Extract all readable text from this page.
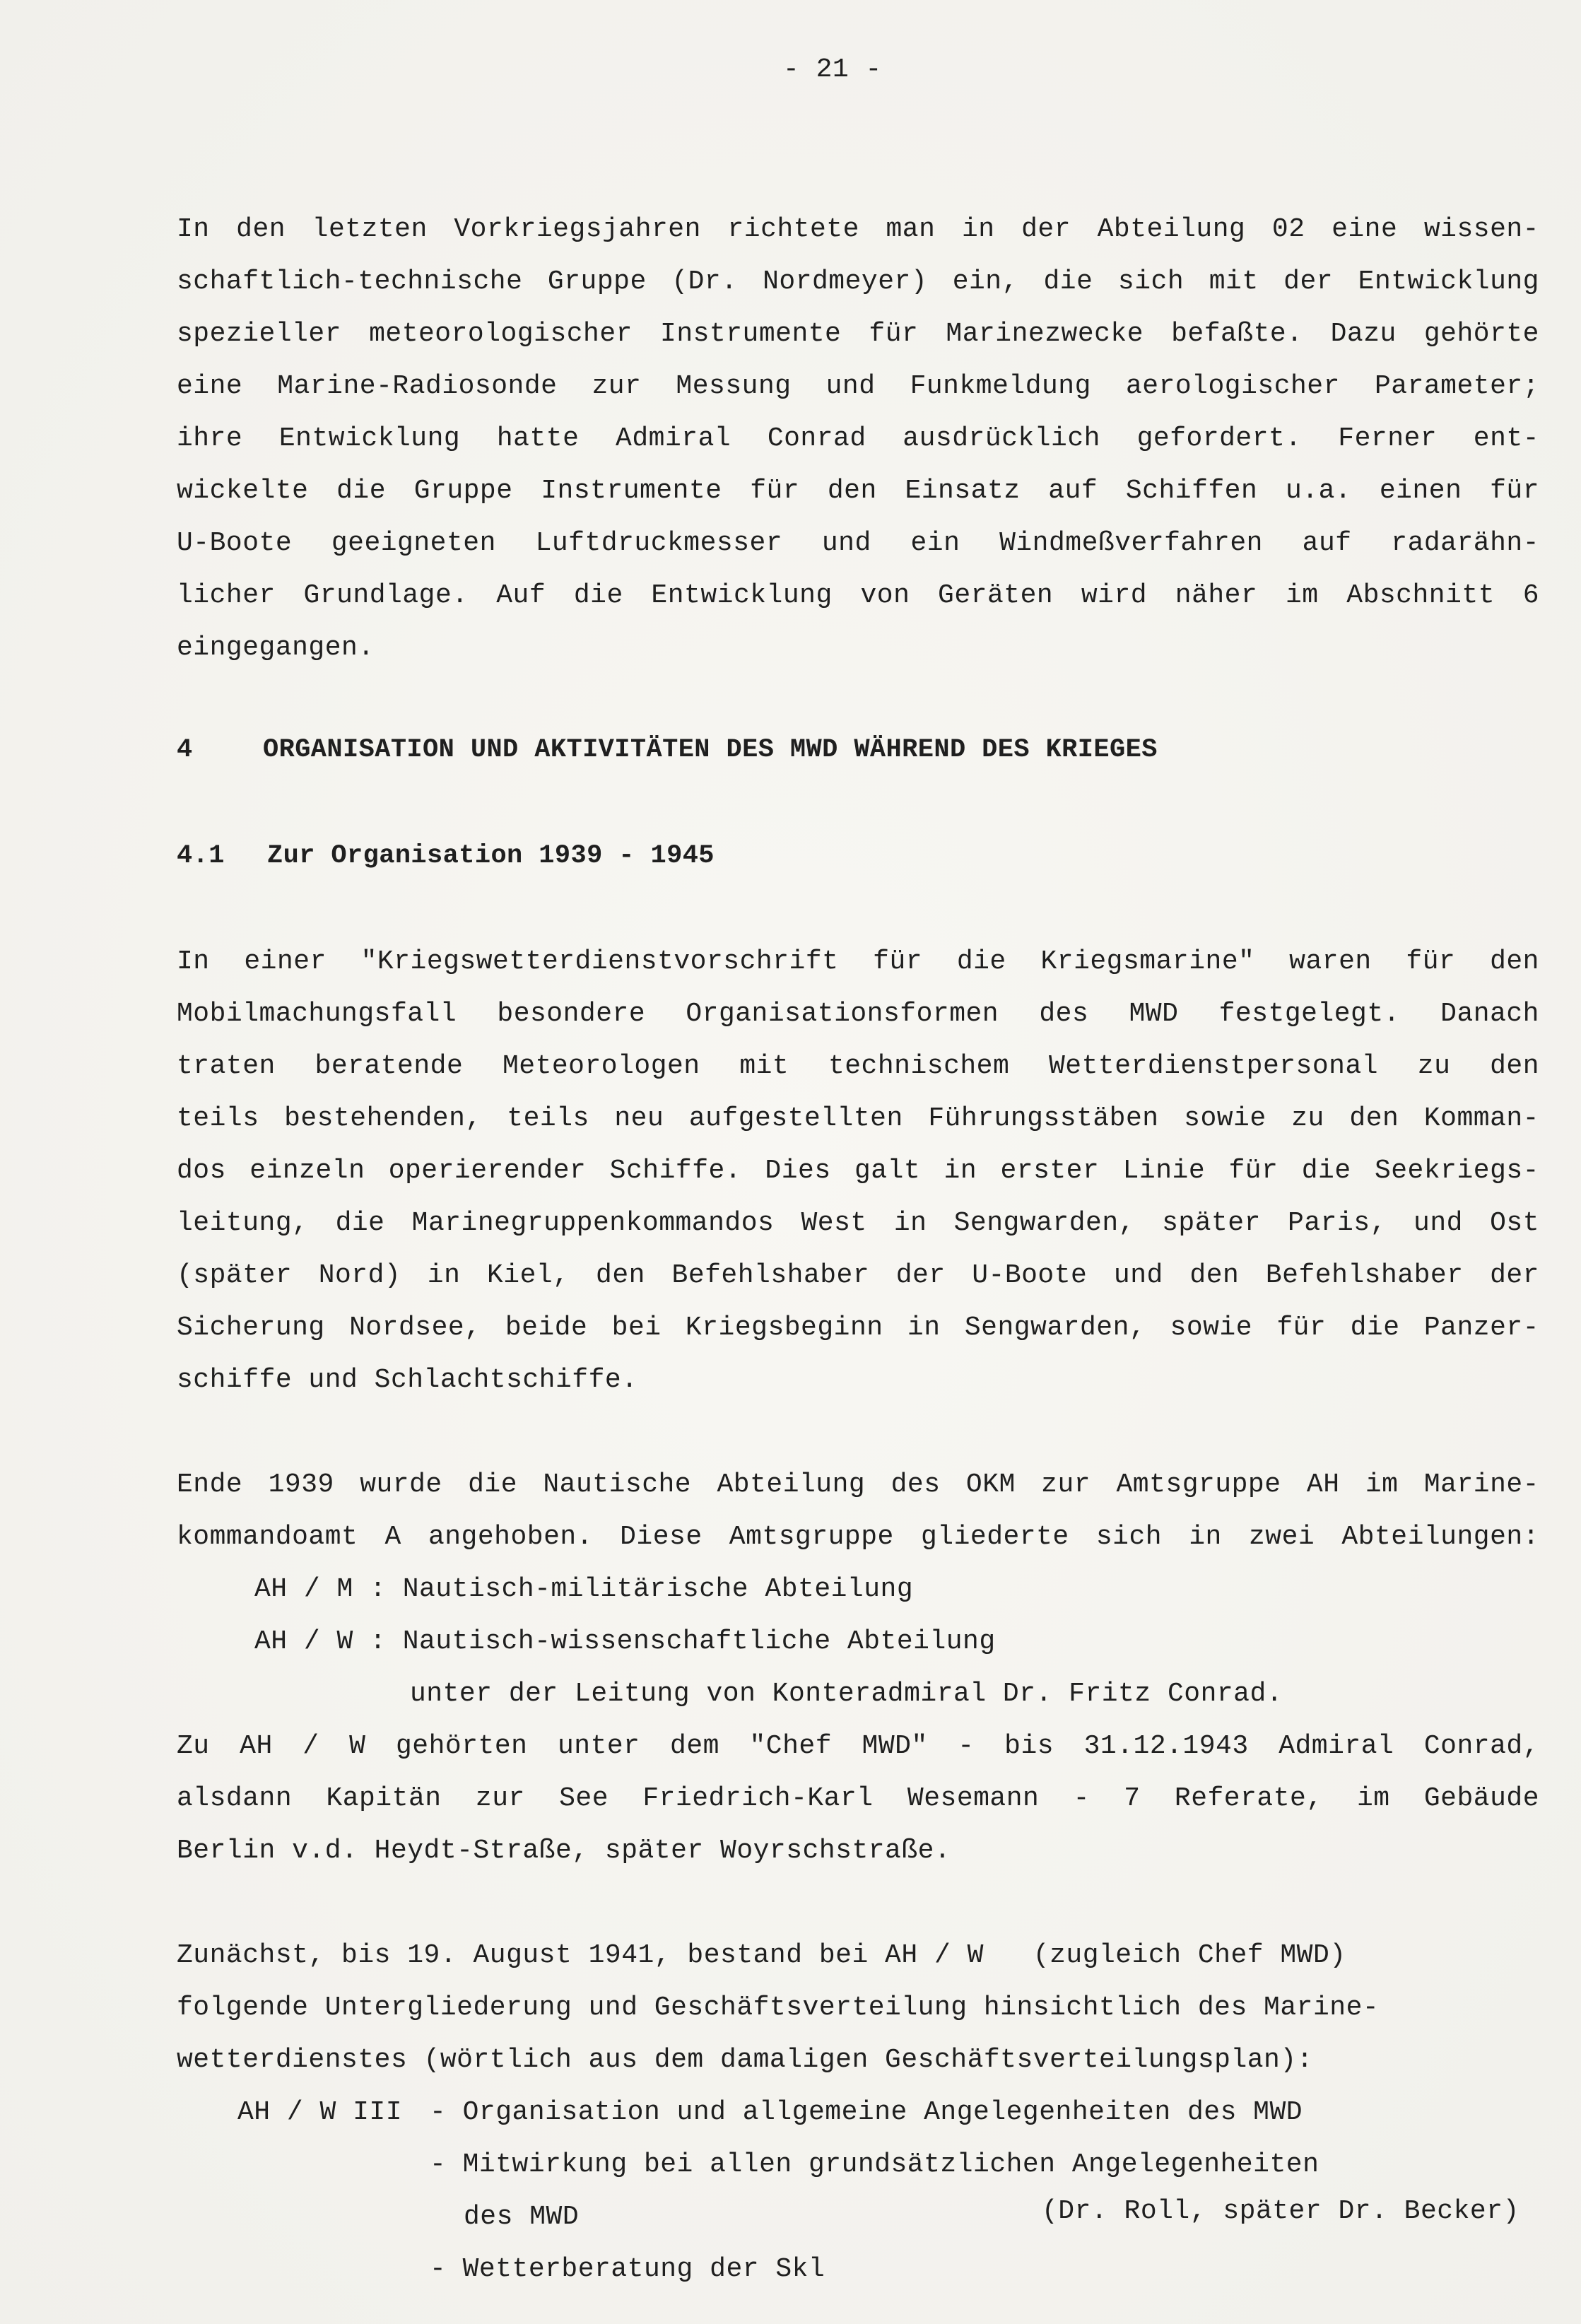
- 21 -
In den letzten Vorkriegsjahren richtete man in der Abteilung 02 eine wissen-
schaftlich-technische Gruppe (Dr. Nordmeyer) ein, die sich mit der Entwicklung
spezieller meteorologischer Instrumente für Marinezwecke befaßte. Dazu gehörte
eine Marine-Radiosonde zur Messung und Funkmeldung aerologischer Parameter;
ihre Entwicklung hatte Admiral Conrad ausdrücklich gefordert. Ferner ent-
wickelte die Gruppe Instrumente für den Einsatz auf Schiffen u.a. einen für
U-Boote geeigneten Luftdruckmesser und ein Windmeßverfahren auf radarähn-
licher Grundlage. Auf die Entwicklung von Geräten wird näher im Abschnitt 6
eingegangen.
4	ORGANISATION UND AKTIVITÄTEN DES MWD WÄHREND DES KRIEGES
4.1 Zur Organisation 1939 - 1945
In einer "Kriegswetterdienstvorschrift für die Kriegsmarine" waren für den
Mobilmachungsfall besondere Organisationsformen des MWD festgelegt. Danach
traten beratende Meteorologen mit technischem Wetterdienstpersonal zu den
teils bestehenden, teils neu aufgestellten Führungsstäben sowie zu den Komman-
dos einzeln operierender Schiffe. Dies galt in erster Linie für die Seekriegs-
leitung, die Marinegruppenkommandos West in Sengwarden, später Paris, und Ost
(später Nord) in Kiel, den Befehlshaber der U-Boote und den Befehlshaber der
Sicherung Nordsee, beide bei Kriegsbeginn in Sengwarden, sowie für die Panzer-
schiffe und Schlachtschiffe.
Ende 1939 wurde die Nautische Abteilung des OKM zur Amtsgruppe AH im Marine-
kommandoamt A angehoben. Diese Amtsgruppe gliederte sich in zwei Abteilungen:
AH / M : Nautisch-militärische Abteilung
AH / W : Nautisch-wissenschaftliche Abteilung
unter der Leitung von Konteradmiral Dr. Fritz Conrad.
Zu AH / W gehörten unter dem "Chef MWD" - bis 31.12.1943 Admiral Conrad,
alsdann Kapitän zur See Friedrich-Karl Wesemann - 7 Referate, im Gebäude
Berlin v.d. Heydt-Straße, später Woyrschstraße.
Zunächst, bis 19. August 1941, bestand bei AH / W   (zugleich Chef MWD)
folgende Untergliederung und Geschäftsverteilung hinsichtlich des Marine-
wetterdienstes (wörtlich aus dem damaligen Geschäftsverteilungsplan):
AH / W III - Organisation und allgemeine Angelegenheiten des MWD
- Mitwirkung bei allen grundsätzlichen Angelegenheiten
des MWD	(Dr. Roll, später Dr. Becker)
- Wetterberatung der Skl
